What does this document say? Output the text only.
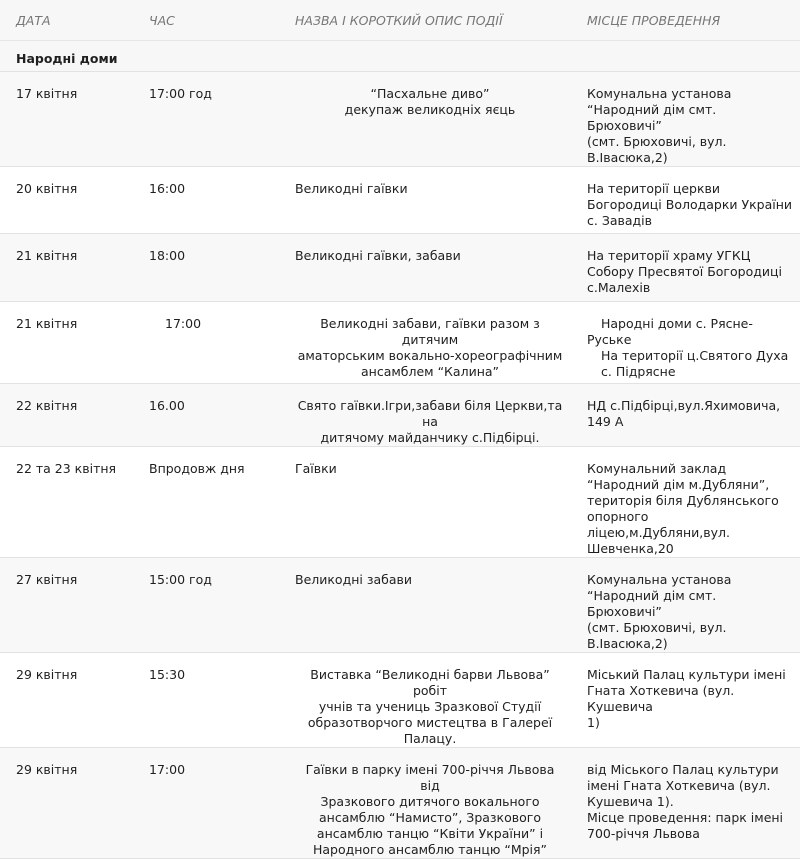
ДАТА	ЧАС	НАЗВА І КОРОТКИЙ ОПИС ПОДІЇ	МІСЦЕ ПРОВЕДЕННЯ
Народні доми			
17 квітня	17:00 год	“Пасхальне диво”
декупаж великодніх яєць	Комунальна установа
“Народний дім смт. Брюховичі”
(смт. Брюховичі, вул.
В.Івасюка,2)

20 квітня	16:00	Великодні гаївки	На території церкви
Богородиці Володарки України
с. Завадів

21 квітня	18:00	Великодні гаївки, забави	На території храму УГКЦ
Собору Пресвятої Богородиці
с.Малехів

21 квітня	17:00	Великодні забави, гаївки разом з дитячим
аматорським вокально-хореографічним
ансамблем “Калина”	Народні доми с. Рясне-
Руське
На території ц.Святого Духа
с. Підрясне

22 квітня	16.00	Свято гаївки.Ігри,забави біля Церкви,та на
дитячому майданчику с.Підбірці.	НД с.Підбірці,вул.Яхимовича,
149 А

22 та 23 квітня	Впродовж дня	Гаївки	Комунальний заклад
“Народний дім м.Дубляни”,
територія біля Дублянського
опорного ліцею,м.Дубляни,вул.
Шевченка,20

27 квітня	15:00 год	Великодні забави	Комунальна установа
“Народний дім смт. Брюховичі”
(смт. Брюховичі, вул.
В.Івасюка,2)

29 квітня	15:30	Виставка “Великодні барви Львова” робіт
учнів та учениць Зразкової Студії
образотворчого мистецтва в Галереї
Палацу.	Міський Палац культури імені
Гната Хоткевича (вул. Кушевича
1)

29 квітня	17:00	Гаївки в парку імені 700-річчя Львова від
Зразкового дитячого вокального
ансамблю “Намисто”, Зразкового
ансамблю танцю “Квіти України” і
Народного ансамблю танцю “Мрія”	від Міського Палац культури
імені Гната Хоткевича (вул.
Кушевича 1).
Місце проведення: парк імені
700-річчя Львова
